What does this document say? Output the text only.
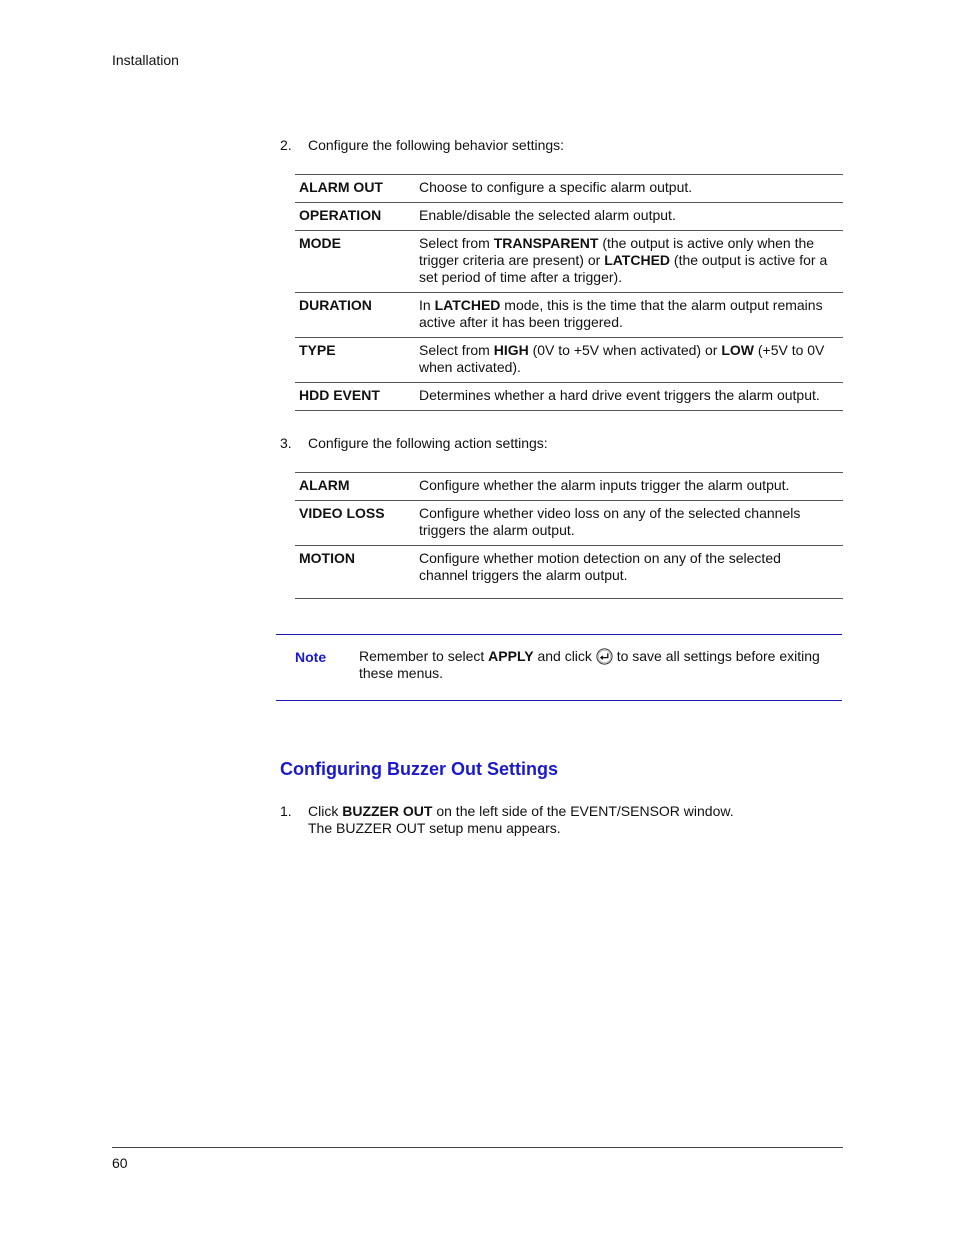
Installation
2. Configure the following behavior settings:
ALARM OUT	Choose to configure a specific alarm output.
OPERATION	Enable/disable the selected alarm output.
MODE	Select from TRANSPARENT (the output is active only when the trigger criteria are present) or LATCHED (the output is active for a set period of time after a trigger).
DURATION	In LATCHED mode, this is the time that the alarm output remains active after it has been triggered.
TYPE	Select from HIGH (0V to +5V when activated) or LOW (+5V to 0V when activated).
HDD EVENT	Determines whether a hard drive event triggers the alarm output.
3. Configure the following action settings:
ALARM	Configure whether the alarm inputs trigger the alarm output.
VIDEO LOSS	Configure whether video loss on any of the selected channels triggers the alarm output.
MOTION	Configure whether motion detection on any of the selected channel triggers the alarm output.
Note Remember to select APPLY and click  to save all settings before exiting these menus.
Configuring Buzzer Out Settings
1. Click BUZZER OUT on the left side of the EVENT/SENSOR window.
The BUZZER OUT setup menu appears.
60
